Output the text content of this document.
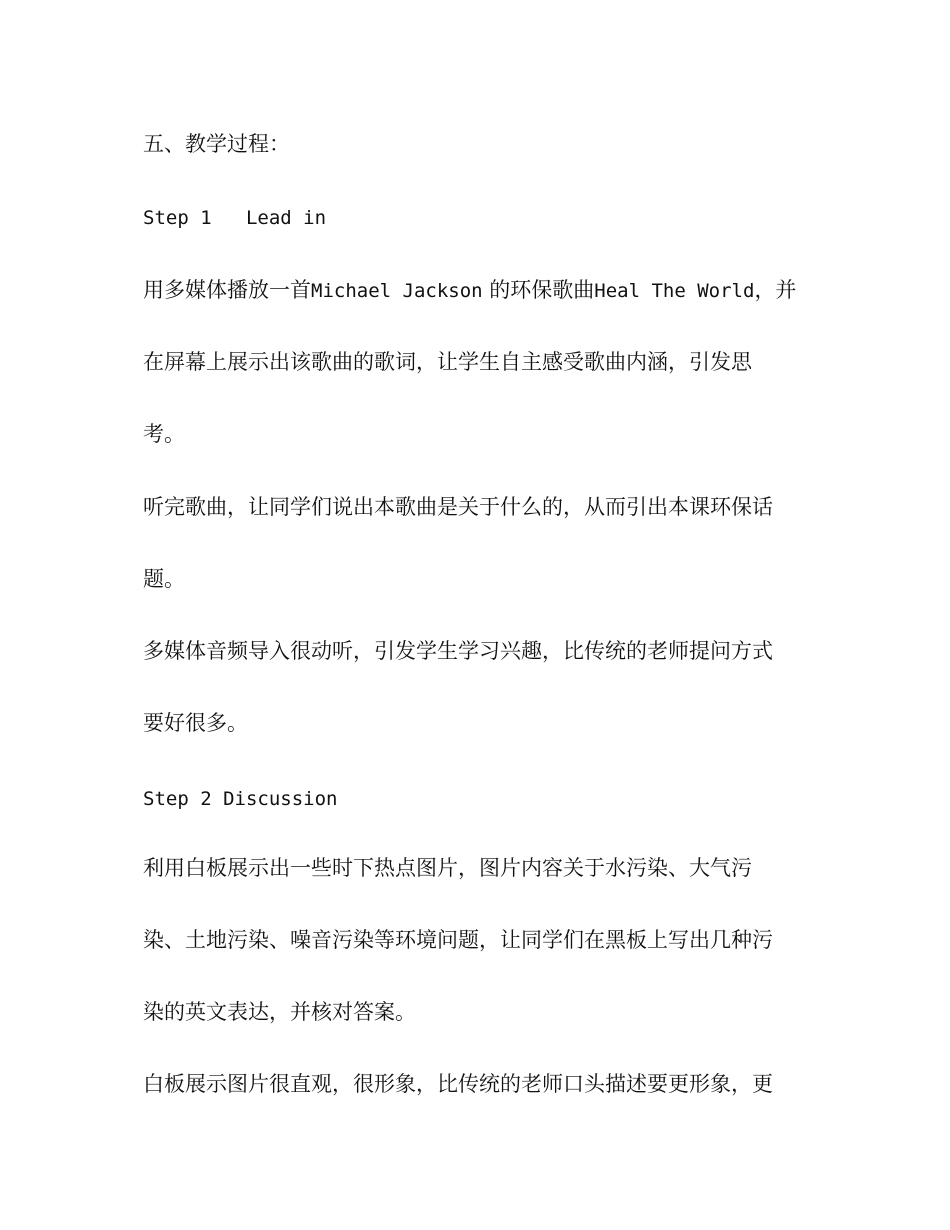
五、教学过程：
Step 1   Lead in
用多媒体播放一首Michael Jackson 的环保歌曲Heal The World，并
在屏幕上展示出该歌曲的歌词，让学生自主感受歌曲内涵，引发思
考。
听完歌曲，让同学们说出本歌曲是关于什么的，从而引出本课环保话
题。
多媒体音频导入很动听，引发学生学习兴趣，比传统的老师提问方式
要好很多。
Step 2 Discussion
利用白板展示出一些时下热点图片，图片内容关于水污染、大气污
染、土地污染、噪音污染等环境问题，让同学们在黑板上写出几种污
染的英文表达，并核对答案。
白板展示图片很直观，很形象，比传统的老师口头描述要更形象，更
